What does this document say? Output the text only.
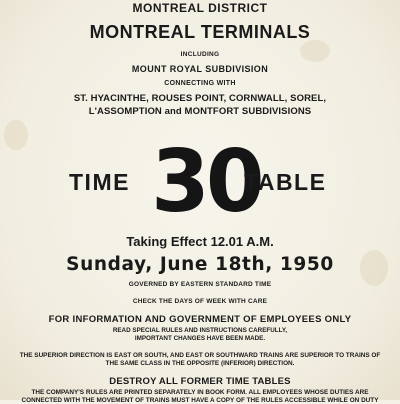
MONTREAL DISTRICT
MONTREAL TERMINALS
INCLUDING
MOUNT ROYAL SUBDIVISION
CONNECTING WITH
ST. HYACINTHE, ROUSES POINT, CORNWALL, SOREL,
L'ASSOMPTION and MONTFORT SUBDIVISIONS
TIME 30
TABLE
Taking Effect 12.01 A.M.
Sunday, June 18th, 1950
GOVERNED BY EASTERN STANDARD TIME
CHECK THE DAYS OF WEEK WITH CARE
FOR INFORMATION AND GOVERNMENT OF EMPLOYEES ONLY
READ SPECIAL RULES AND INSTRUCTIONS CAREFULLY,
IMPORTANT CHANGES HAVE BEEN MADE.
THE SUPERIOR DIRECTION IS EAST OR SOUTH, AND EAST OR SOUTHWARD TRAINS ARE SUPERIOR TO TRAINS OF
THE SAME CLASS IN THE OPPOSITE (INFERIOR) DIRECTION.
DESTROY ALL FORMER TIME TABLES
THE COMPANY'S RULES ARE PRINTED SEPARATELY IN BOOK FORM. ALL EMPLOYEES WHOSE DUTIES ARE
CONNECTED WITH THE MOVEMENT OF TRAINS MUST HAVE A COPY OF THE RULES ACCESSIBLE WHILE ON DUTY
